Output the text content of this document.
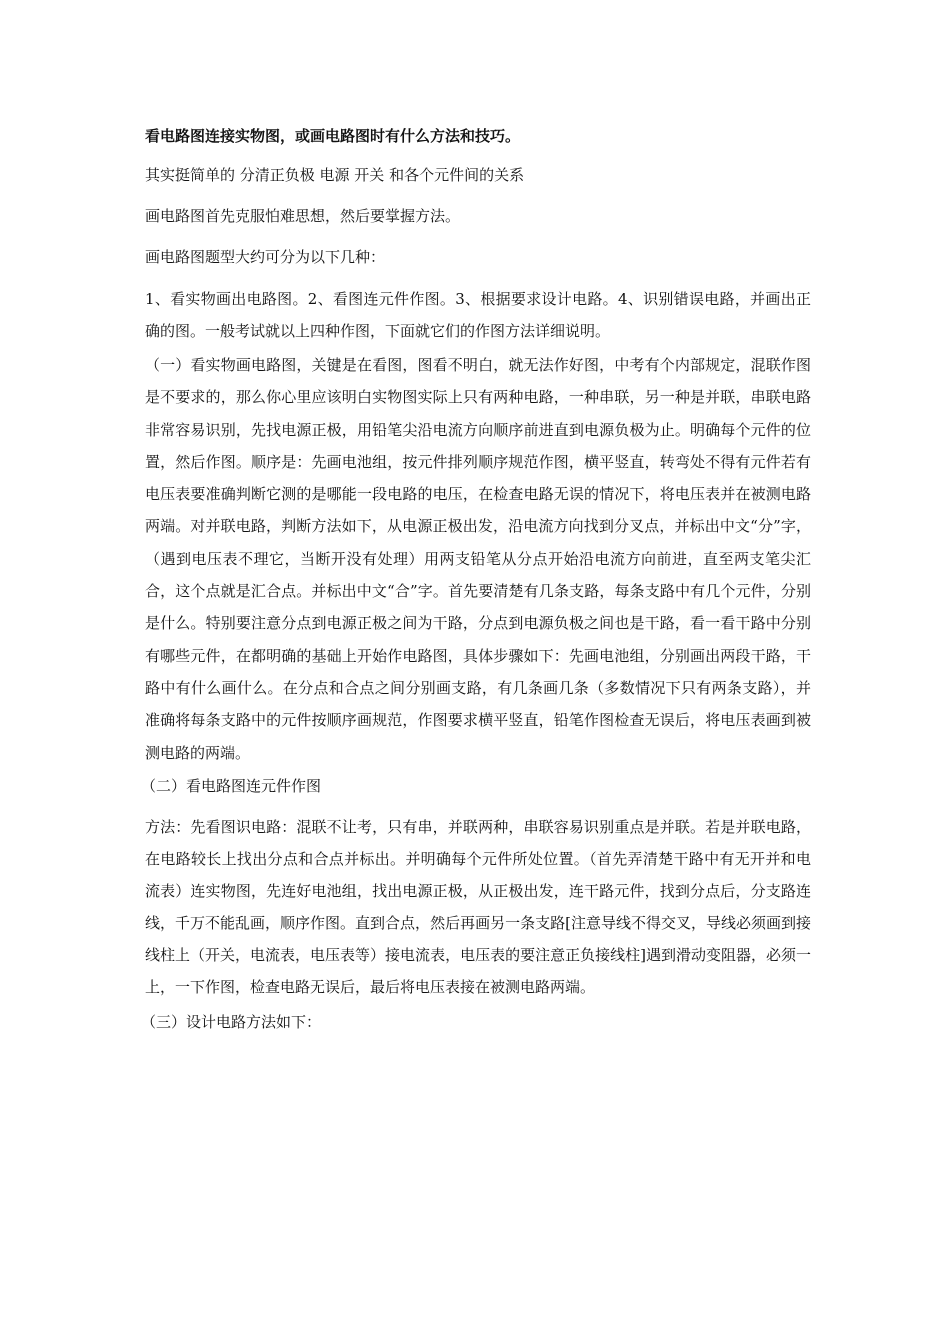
看电路图连接实物图，或画电路图时有什么方法和技巧。

其实挺简单的 分清正负极 电源 开关 和各个元件间的关系

画电路图首先克服怕难思想，然后要掌握方法。

画电路图题型大约可分为以下几种：

1、看实物画出电路图。2、看图连元件作图。3、根据要求设计电路。4、识别错误电路，并画出正确的图。一般考试就以上四种作图，下面就它们的作图方法详细说明。

（一）看实物画电路图，关键是在看图，图看不明白，就无法作好图，中考有个内部规定，混联作图是不要求的，那么你心里应该明白实物图实际上只有两种电路，一种串联，另一种是并联，串联电路非常容易识别，先找电源正极，用铅笔尖沿电流方向顺序前进直到电源负极为止。明确每个元件的位置，然后作图。顺序是：先画电池组，按元件排列顺序规范作图，横平竖直，转弯处不得有元件若有电压表要准确判断它测的是哪能一段电路的电压，在检查电路无误的情况下，将电压表并在被测电路两端。对并联电路，判断方法如下，从电源正极出发，沿电流方向找到分叉点，并标出中文“分”字，（遇到电压表不理它，当断开没有处理）用两支铅笔从分点开始沿电流方向前进，直至两支笔尖汇合，这个点就是汇合点。并标出中文“合”字。首先要清楚有几条支路，每条支路中有几个元件，分别是什么。特别要注意分点到电源正极之间为干路，分点到电源负极之间也是干路，看一看干路中分别有哪些元件，在都明确的基础上开始作电路图，具体步骤如下：先画电池组，分别画出两段干路，干路中有什么画什么。在分点和合点之间分别画支路，有几条画几条（多数情况下只有两条支路），并准确将每条支路中的元件按顺序画规范，作图要求横平竖直，铅笔作图检查无误后，将电压表画到被测电路的两端。

（二）看电路图连元件作图

方法：先看图识电路：混联不让考，只有串，并联两种，串联容易识别重点是并联。若是并联电路，在电路较长上找出分点和合点并标出。并明确每个元件所处位置。（首先弄清楚干路中有无开并和电流表）连实物图，先连好电池组，找出电源正极，从正极出发，连干路元件，找到分点后，分支路连线，千万不能乱画，顺序作图。直到合点，然后再画另一条支路[注意导线不得交叉，导线必须画到接线柱上（开关，电流表，电压表等）接电流表，电压表的要注意正负接线柱]遇到滑动变阻器，必须一上，一下作图，检查电路无误后，最后将电压表接在被测电路两端。

（三）设计电路方法如下：
